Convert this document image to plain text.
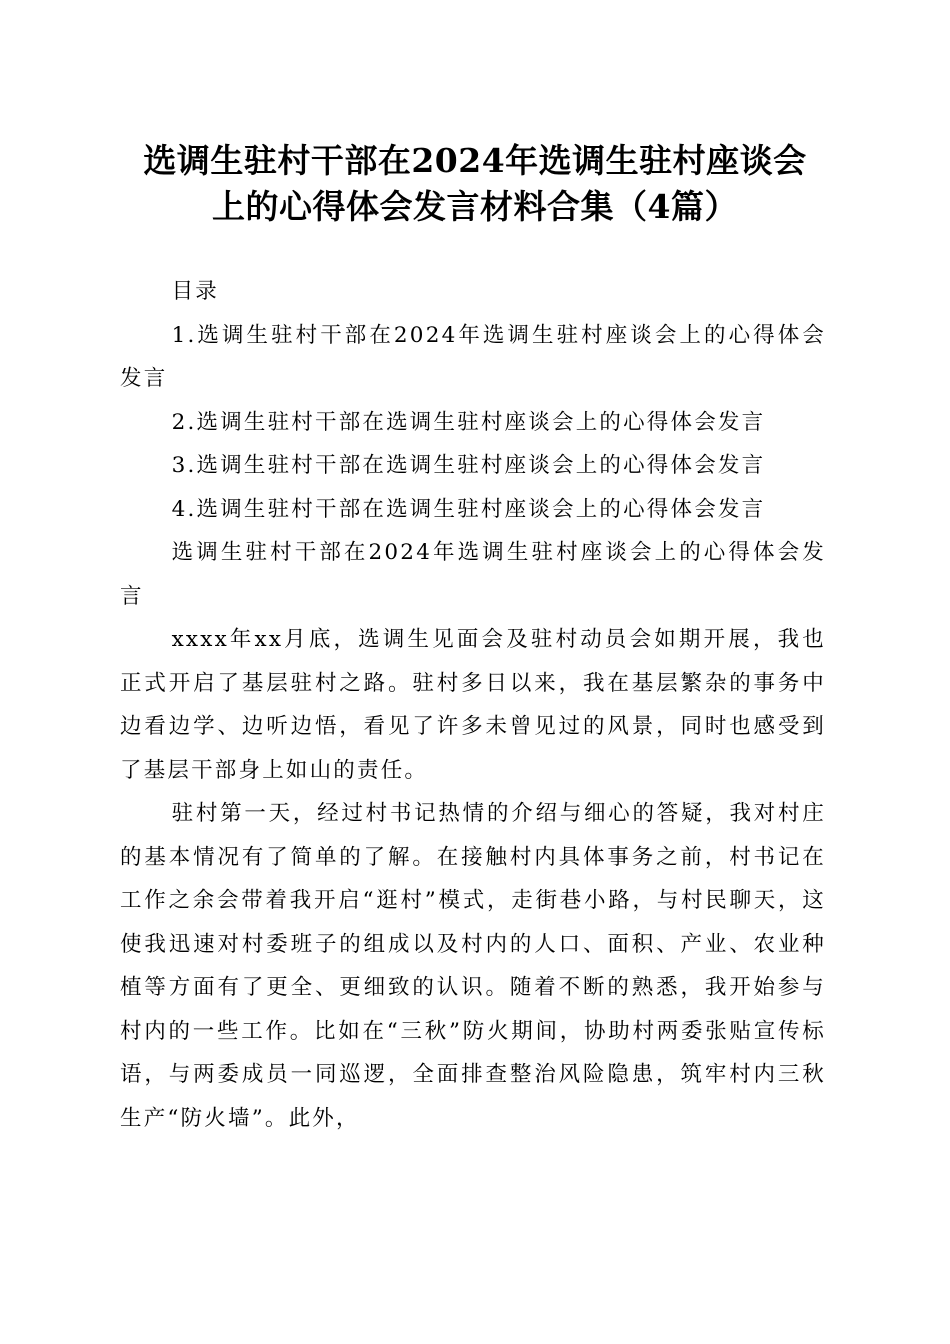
选调生驻村干部在2024年选调生驻村座谈会
上的心得体会发言材料合集（4篇）

目录

1.选调生驻村干部在2024年选调生驻村座谈会上的心得体会发言

2.选调生驻村干部在选调生驻村座谈会上的心得体会发言

3.选调生驻村干部在选调生驻村座谈会上的心得体会发言

4.选调生驻村干部在选调生驻村座谈会上的心得体会发言

选调生驻村干部在2024年选调生驻村座谈会上的心得体会发言

xxxx年xx月底，选调生见面会及驻村动员会如期开展，我也正式开启了基层驻村之路。驻村多日以来，我在基层繁杂的事务中边看边学、边听边悟，看见了许多未曾见过的风景，同时也感受到了基层干部身上如山的责任。

驻村第一天，经过村书记热情的介绍与细心的答疑，我对村庄的基本情况有了简单的了解。在接触村内具体事务之前，村书记在工作之余会带着我开启“逛村”模式，走街巷小路，与村民聊天，这使我迅速对村委班子的组成以及村内的人口、面积、产业、农业种植等方面有了更全、更细致的认识。随着不断的熟悉，我开始参与村内的一些工作。比如在“三秋”防火期间，协助村两委张贴宣传标语，与两委成员一同巡逻，全面排查整治风险隐患，筑牢村内三秋生产“防火墙”。此外，
